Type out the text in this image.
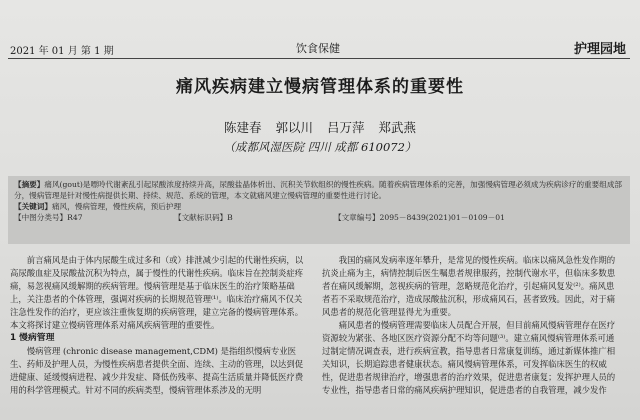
2021 年 01 月 第 1 期	饮食保健	护理园地
痛风疾病建立慢病管理体系的重要性
陈建春 郭以川 吕万萍 郑武燕
（成都风湿医院 四川 成都 610072）

【摘要】痛风(gout)是嘌呤代谢紊乱引起尿酸浓度持续升高，尿酸盐晶体析出、沉积关节软组织的慢性疾病。随着疾病管理体系的完善，加强慢病管理必须成为疾病诊疗的重要组成部分，慢病管理是针对慢性病提供长期、持续、规范、系统的管理，本文就痛风建立慢病管理的重要性进行讨论。

【关键词】痛风，慢病管理，慢性疾病，预后护理

【中图分类号】R47	【文献标识码】B	【文章编号】2095－8439(2021)01－0109－01

前言痛风是由于体内尿酸生成过多和（或）排泄减少引起的代谢性疾病，以高尿酸血症及尿酸盐沉积为特点，属于慢性的代谢性疾病。临床旨在控制炎症疼痛，易忽视痛风缓解期的疾病管理。慢病管理是基于临床医生的治疗策略基础上，关注患者的个体管理，强调对疾病的长期规范管理⁽¹⁾。临床治疗痛风不仅关注急性发作的治疗，更应该注重恢复期的疾病管理，建立完备的慢病管理体系。本文将探讨建立慢病管理体系对痛风疾病管理的重要性。

1 慢病管理

慢病管理 (chronic disease management,CDM) 是指组织慢病专业医生、药师及护理人员，为慢性疾病患者提供全面、连续、主动的管理，以达到促进健康、延缓慢病进程、减少并发症、降低伤残率、提高生活质量并降低医疗费用的科学管理模式。针对不同的疾病类型，慢病管理体系涉及的无明

我国的痛风发病率逐年攀升，是常见的慢性疾病。临床以痛风急性发作期的抗炎止痛为主，病情控制后医生嘱患者规律服药，控制代谢水平，但临床多数患者在痛风缓解期，忽视疾病的管理，忽略规范化治疗，引起痛风复发⁽²⁾。痛风患者若不采取规范治疗，造成尿酸盐沉积，形成痛风石，甚者致残。因此，对于痛风患者的规范化管理显得尤为重要。

痛风患者的慢病管理需要临床人员配合开展，但目前痛风慢病管理存在医疗资源较为紧张、各地区医疗资源分配不均等问题⁽³⁾。建立痛风慢病管理体系可通过制定情况调查表，进行疾病宣教，指导患者日常康复训练，通过新媒体推广相关知识，长期追踪患者健康状态。痛风慢病管理体系，可发挥临床医生的权威性，促进患者规律治疗，增强患者的治疗效果，促进患者康复；发挥护理人员的专业性，指导患者日常的痛风疾病护理知识，促进患者的自我管理，减少发作
